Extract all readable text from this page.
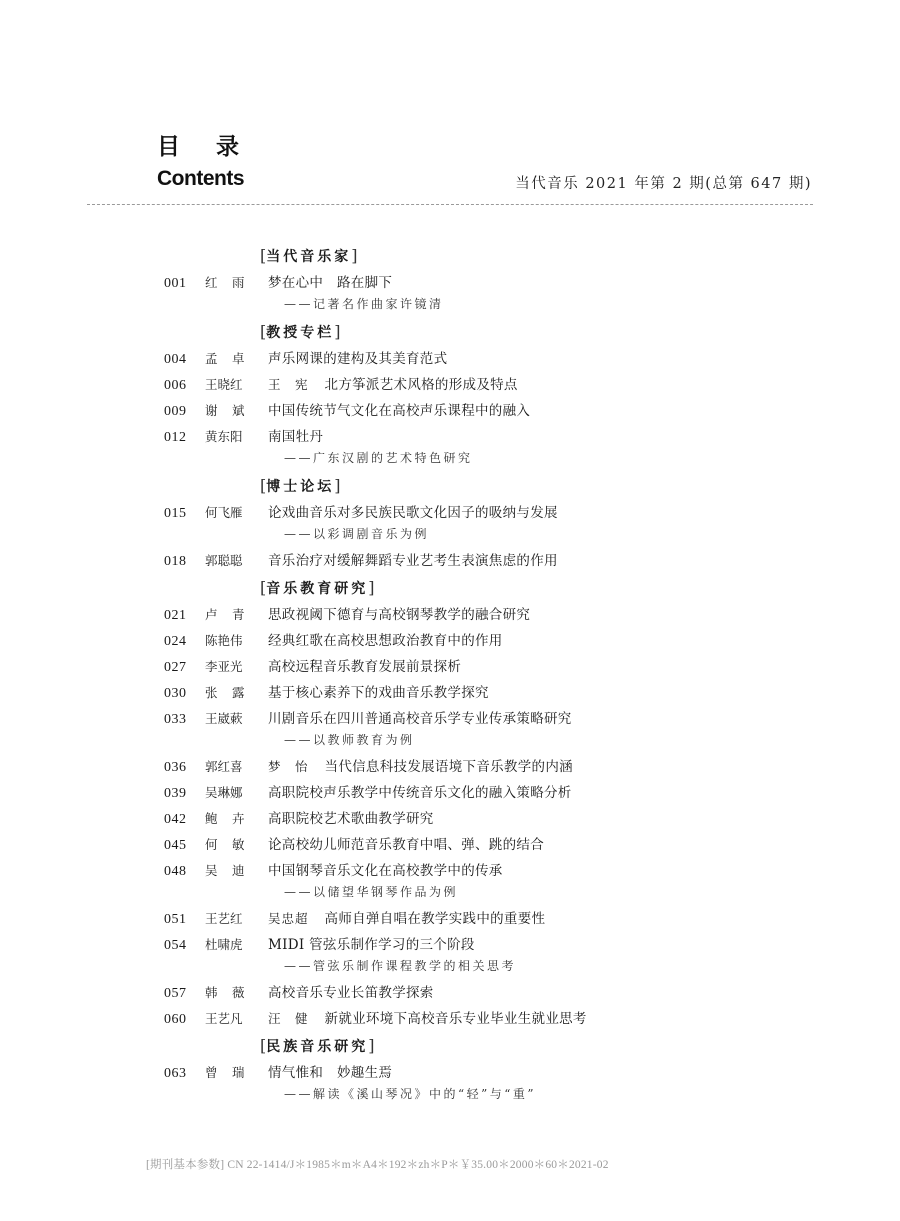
目 录
Contents	当代音乐 2021 年第 2 期(总第 647 期)
[当代音乐家]
001	红　雨	梦在心中　路在脚下
——记著名作曲家许镜清
[教授专栏]
004	孟　卓	声乐网课的建构及其美育范式
006	王晓红	王　宪 北方筝派艺术风格的形成及特点
009	谢　斌	中国传统节气文化在高校声乐课程中的融入
012	黄东阳	南国牡丹
——广东汉剧的艺术特色研究
[博士论坛]
015	何飞雁	论戏曲音乐对多民族民歌文化因子的吸纳与发展
——以彩调剧音乐为例
018	郭聪聪	音乐治疗对缓解舞蹈专业艺考生表演焦虑的作用
[音乐教育研究]
021	卢　青	思政视阈下德育与高校钢琴教学的融合研究
024	陈艳伟	经典红歌在高校思想政治教育中的作用
027	李亚光	高校远程音乐教育发展前景探析
030	张　露	基于核心素养下的戏曲音乐教学探究
033	王崴蔌	川剧音乐在四川普通高校音乐学专业传承策略研究
——以教师教育为例
036	郭红喜	梦　怡 当代信息科技发展语境下音乐教学的内涵
039	吴琳娜	高职院校声乐教学中传统音乐文化的融入策略分析
042	鲍　卉	高职院校艺术歌曲教学研究
045	何　敏	论高校幼儿师范音乐教育中唱、弹、跳的结合
048	吴　迪	中国钢琴音乐文化在高校教学中的传承
——以储望华钢琴作品为例
051	王艺红	吴忠超 高师自弹自唱在教学实践中的重要性
054	杜啸虎	MIDI 管弦乐制作学习的三个阶段
——管弦乐制作课程教学的相关思考
057	韩　薇	高校音乐专业长笛教学探索
060	王艺凡	汪　健 新就业环境下高校音乐专业毕业生就业思考
[民族音乐研究]
063	曾　瑞	情气惟和　妙趣生焉
——解读《溪山琴况》中的“轻”与“重”
[期刊基本参数] CN 22-1414/J＊1985＊m＊A4＊192＊zh＊P＊￥35.00＊2000＊60＊2021-02
